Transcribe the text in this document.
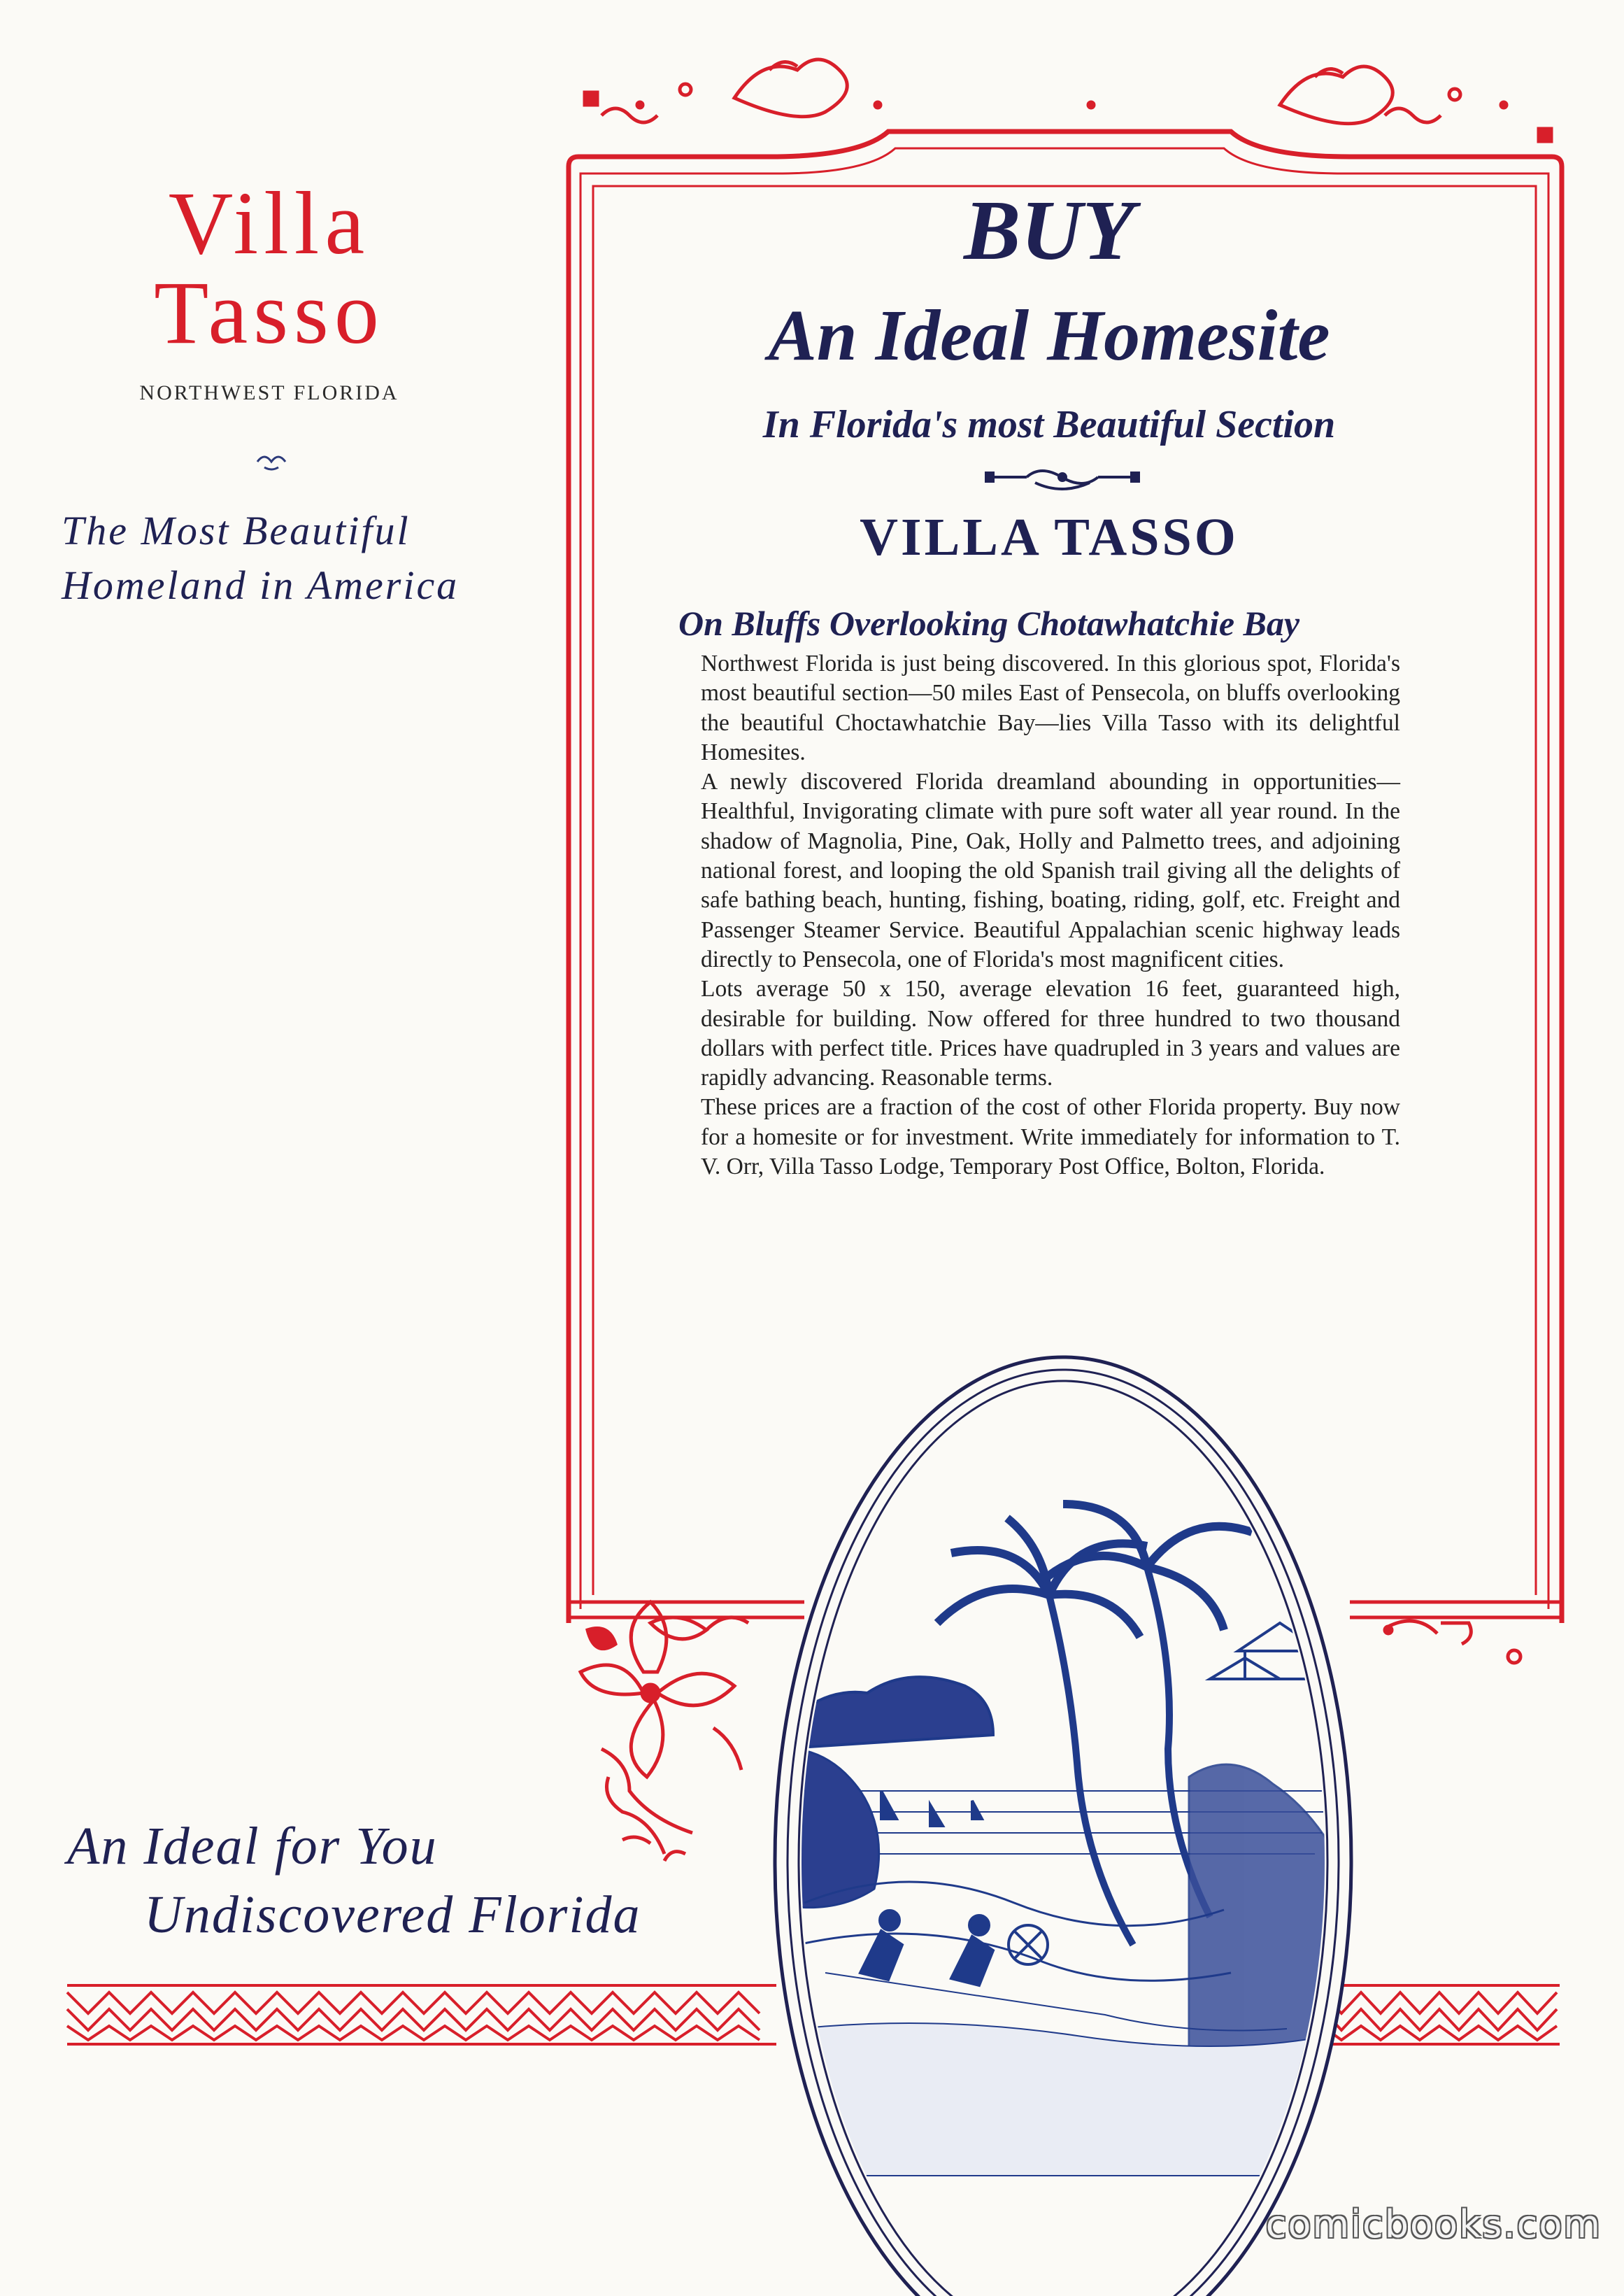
Villa
Tasso
NORTHWEST FLORIDA
The Most Beautiful
Homeland in America
An Ideal for You
Undiscovered Florida
BUY
An Ideal Homesite
In Florida's most Beautiful Section
VILLA TASSO
On Bluffs Overlooking Chotawhatchie Bay

Northwest Florida is just being discovered. In this glorious spot, Florida's most beautiful section—50 miles East of Pensecola, on bluffs overlooking the beautiful Choctawhatchie Bay—lies Villa Tasso with its delightful Homesites.

A newly discovered Florida dreamland abounding in opportunities—Healthful, Invigorating climate with pure soft water all year round. In the shadow of Magnolia, Pine, Oak, Holly and Palmetto trees, and adjoining national forest, and looping the old Spanish trail giving all the delights of safe bathing beach, hunting, fishing, boating, riding, golf, etc. Freight and Passenger Steamer Service. Beautiful Appalachian scenic highway leads directly to Pensecola, one of Florida's most magnificent cities.

Lots average 50 x 150, average elevation 16 feet, guaranteed high, desirable for building. Now offered for three hundred to two thousand dollars with perfect title. Prices have quadrupled in 3 years and values are rapidly advancing. Reasonable terms.

These prices are a fraction of the cost of other Florida property. Buy now for a homesite or for investment. Write immediately for information to T. V. Orr, Villa Tasso Lodge, Temporary Post Office, Bolton, Florida.

comicbooks.com
